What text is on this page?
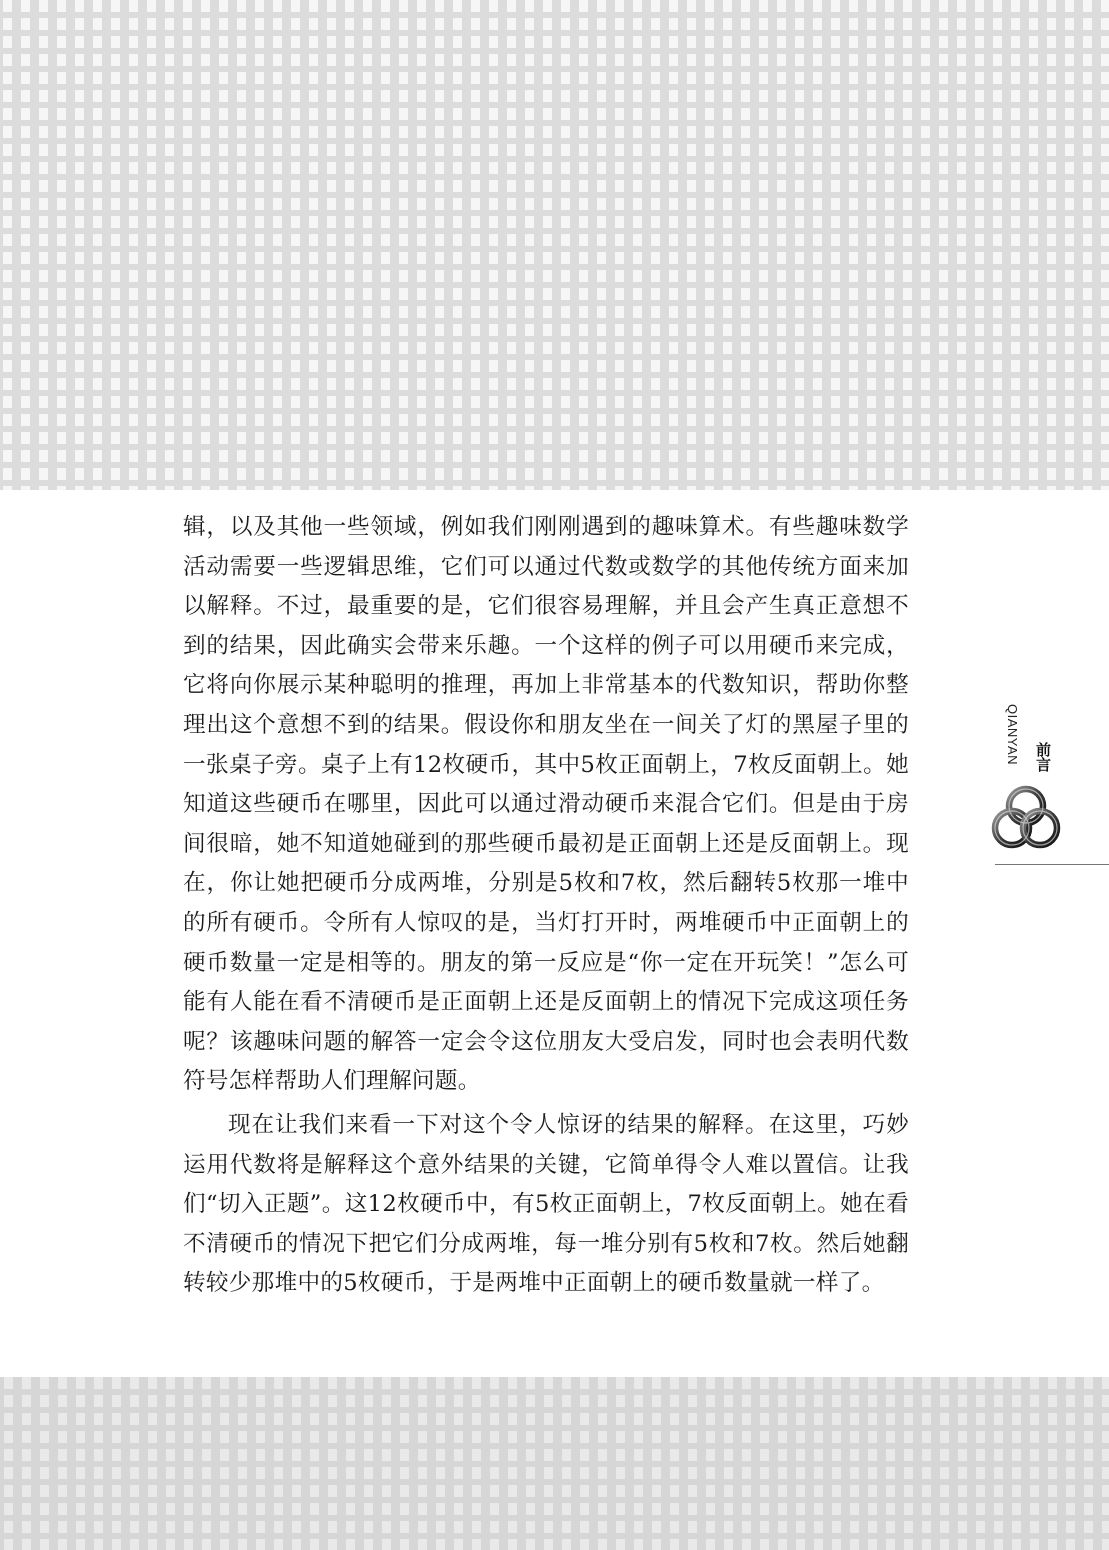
辑，以及其他一些领域，例如我们刚刚遇到的趣味算术。有些趣味数学活动需要一些逻辑思维，它们可以通过代数或数学的其他传统方面来加以解释。不过，最重要的是，它们很容易理解，并且会产生真正意想不到的结果，因此确实会带来乐趣。一个这样的例子可以用硬币来完成，它将向你展示某种聪明的推理，再加上非常基本的代数知识，帮助你整理出这个意想不到的结果。假设你和朋友坐在一间关了灯的黑屋子里的一张桌子旁。桌子上有12枚硬币，其中5枚正面朝上，7枚反面朝上。她知道这些硬币在哪里，因此可以通过滑动硬币来混合它们。但是由于房间很暗，她不知道她碰到的那些硬币最初是正面朝上还是反面朝上。现在，你让她把硬币分成两堆，分别是5枚和7枚，然后翻转5枚那一堆中的所有硬币。令所有人惊叹的是，当灯打开时，两堆硬币中正面朝上的硬币数量一定是相等的。朋友的第一反应是“你一定在开玩笑！”怎么可能有人能在看不清硬币是正面朝上还是反面朝上的情况下完成这项任务呢？该趣味问题的解答一定会令这位朋友大受启发，同时也会表明代数符号怎样帮助人们理解问题。

现在让我们来看一下对这个令人惊讶的结果的解释。在这里，巧妙运用代数将是解释这个意外结果的关键，它简单得令人难以置信。让我们“切入正题”。这12枚硬币中，有5枚正面朝上，7枚反面朝上。她在看不清硬币的情况下把它们分成两堆，每一堆分别有5枚和7枚。然后她翻转较少那堆中的5枚硬币，于是两堆中正面朝上的硬币数量就一样了。

QIANYAN 前言
